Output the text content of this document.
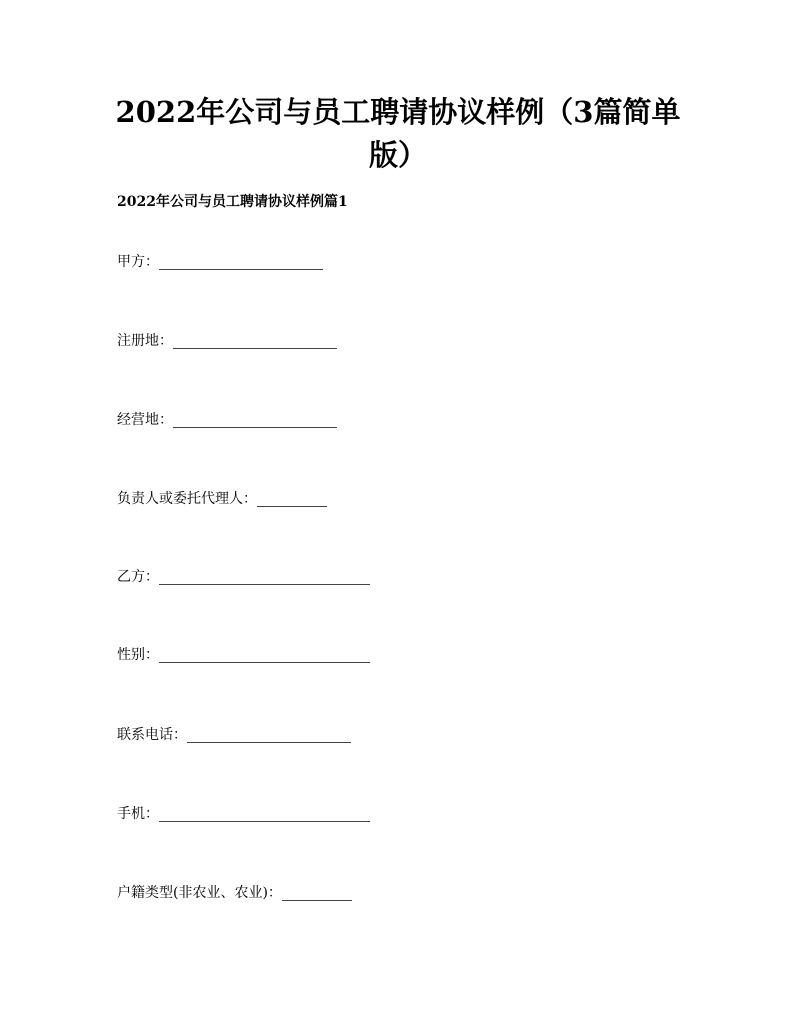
2022年公司与员工聘请协议样例（3篇简单
版）

2022年公司与员工聘请协议样例篇1

甲方：
注册地：
经营地：
负责人或委托代理人：
乙方：
性别：
联系电话：
手机：
户籍类型(非农业、农业)：
